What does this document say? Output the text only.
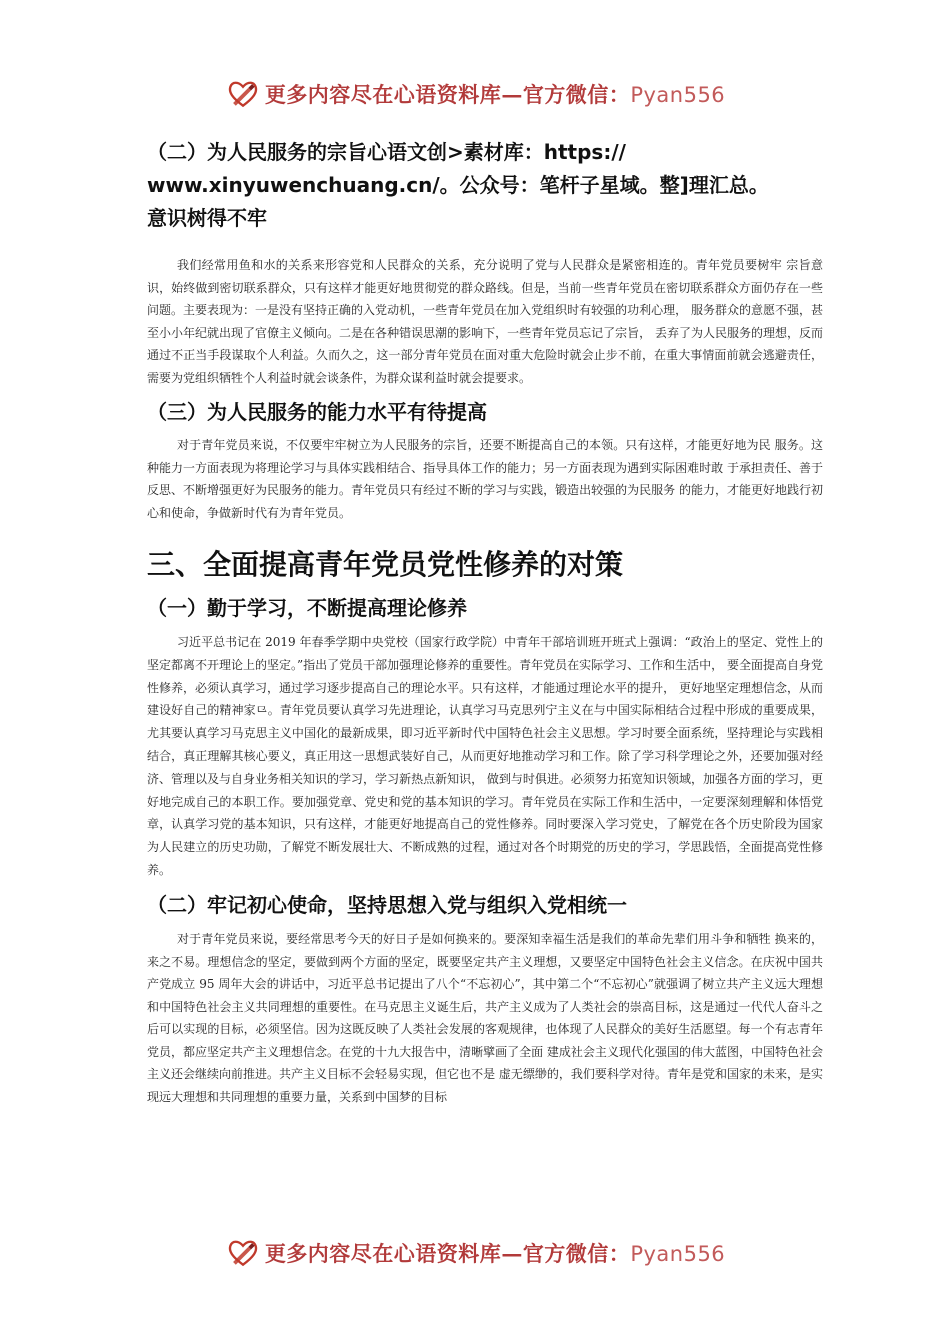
更多内容尽在心语资料库—官方微信：Pyan556
（二）为人民服务的宗旨心语文创>素材库：https://
www.xinyuwenchuang.cn/。公众号：笔杆子星域。整]理汇总。
意识树得不牢

我们经常用鱼和水的关系来形容党和人民群众的关系，充分说明了党与人民群众是紧密相连的。青年党员要树牢 宗旨意识，始终做到密切联系群众，只有这样才能更好地贯彻党的群众路线。但是，当前一些青年党员在密切联系群众方面仍存在一些问题。主要表现为：一是没有坚持正确的入党动机，一些青年党员在加入党组织时有较强的功利心理， 服务群众的意愿不强，甚至小小年纪就出现了官僚主义倾向。二是在各种错误思潮的影响下，一些青年党员忘记了宗旨， 丢弃了为人民服务的理想，反而通过不正当手段谋取个人利益。久而久之，这一部分青年党员在面对重大危险时就会止步不前，在重大事情面前就会逃避责任，需要为党组织牺牲个人利益时就会谈条件，为群众谋利益时就会提要求。

（三）为人民服务的能力水平有待提高

对于青年党员来说，不仅要牢牢树立为人民服务的宗旨，还要不断提高自己的本领。只有这样，才能更好地为民 服务。这种能力一方面表现为将理论学习与具体实践相结合、指导具体工作的能力；另一方面表现为遇到实际困难时敢 于承担责任、善于反思、不断增强更好为民服务的能力。青年党员只有经过不断的学习与实践，锻造出较强的为民服务 的能力，才能更好地践行初心和使命，争做新时代有为青年党员。

三、全面提高青年党员党性修养的对策
（一）勤于学习，不断提高理论修养

习近平总书记在 2019 年春季学期中央党校（国家行政学院）中青年干部培训班开班式上强调：“政治上的坚定、党性上的坚定都离不开理论上的坚定。”指出了党员干部加强理论修养的重要性。青年党员在实际学习、工作和生活中， 要全面提高自身党性修养，必须认真学习，通过学习逐步提高自己的理论水平。只有这样，才能通过理论水平的提升， 更好地坚定理想信念，从而建设好自己的精神家⺋。青年党员要认真学习先进理论，认真学习马克思列宁主义在与中国实际相结合过程中形成的重要成果，尤其要认真学习马克思主义中国化的最新成果，即习近平新时代中国特色社会主义思想。学习时要全面系统，坚持理论与实践相结合，真正理解其核心要义，真正用这一思想武装好自己，从而更好地推动学习和工作。除了学习科学理论之外，还要加强对经济、管理以及与自身业务相关知识的学习，学习新热点新知识， 做到与时俱进。必须努力拓宽知识领域，加强各方面的学习，更好地完成自己的本职工作。要加强党章、党史和党的基本知识的学习。青年党员在实际工作和生活中，一定要深刻理解和体悟党章，认真学习党的基本知识，只有这样，才能更好地提高自己的党性修养。同时要深入学习党史，了解党在各个历史阶段为国家为人民建立的历史功勋，了解党不断发展壮大、不断成熟的过程，通过对各个时期党的历史的学习，学思践悟，全面提高党性修养。

（二）牢记初心使命，坚持思想入党与组织入党相统一

对于青年党员来说，要经常思考今天的好日子是如何换来的。要深知幸福生活是我们的革命先辈们用斗争和牺牲 换来的，来之不易。理想信念的坚定，要做到两个方面的坚定，既要坚定共产主义理想，又要坚定中国特色社会主义信念。在庆祝中国共产党成立 95 周年大会的讲话中，习近平总书记提出了八个“不忘初心”，其中第二个“不忘初心”就强调了树立共产主义远大理想和中国特色社会主义共同理想的重要性。在马克思主义诞生后，共产主义成为了人类社会的崇高目标，这是通过一代代人奋斗之后可以实现的目标，必须坚信。因为这既反映了人类社会发展的客观规律，也体现了人民群众的美好生活愿望。每一个有志青年党员，都应坚定共产主义理想信念。在党的十九大报告中，清晰擘画了全面 建成社会主义现代化强国的伟大蓝图，中国特色社会主义还会继续向前推进。共产主义目标不会轻易实现，但它也不是 虚无缥缈的，我们要科学对待。青年是党和国家的未来，是实现远大理想和共同理想的重要力量，关系到中国梦的目标

更多内容尽在心语资料库—官方微信：Pyan556
